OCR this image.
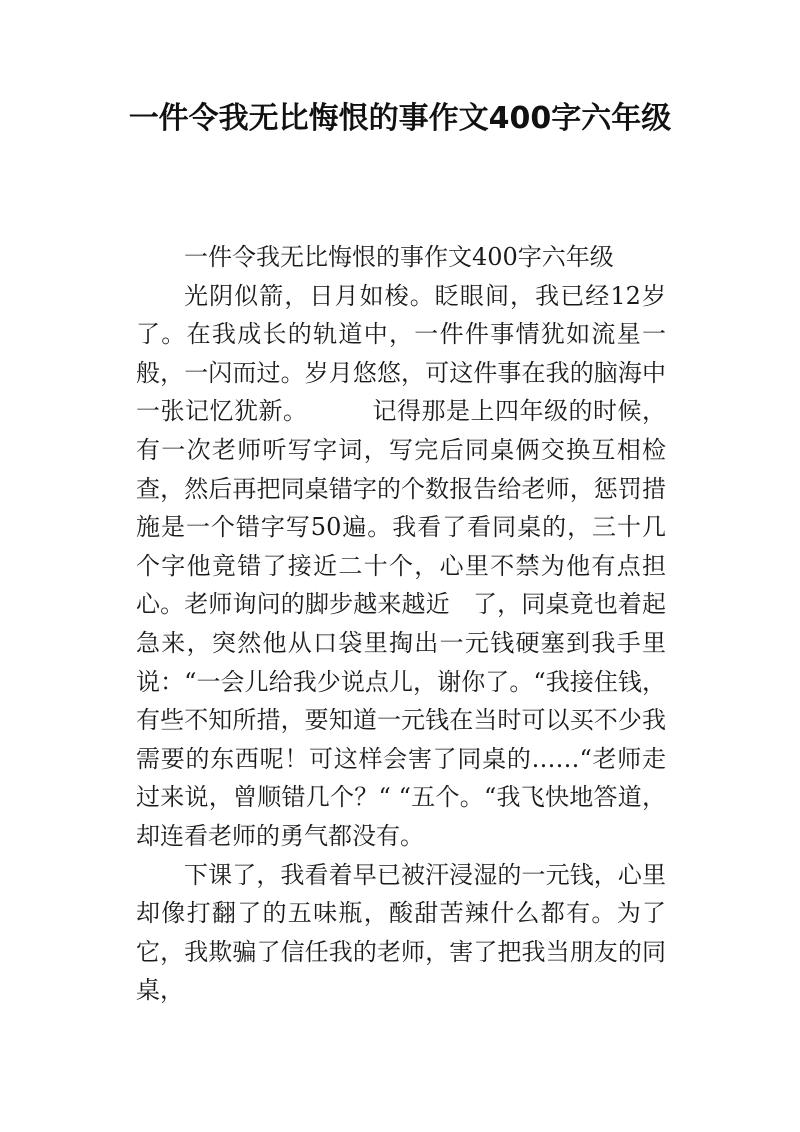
一件令我无比悔恨的事作文400字六年级

一件令我无比悔恨的事作文400字六年级

光阴似箭，日月如梭。眨眼间，我已经12岁了。在我成长的轨道中，一件件事情犹如流星一般，一闪而过。岁月悠悠，可这件事在我的脑海中一张记忆犹新。        记得那是上四年级的时候，有一次老师听写字词，写完后同桌俩交换互相检查，然后再把同桌错字的个数报告给老师，惩罚措施是一个错字写50遍。我看了看同桌的，三十几个字他竟错了接近二十个，心里不禁为他有点担心。老师询问的脚步越来越近   了，同桌竟也着起急来，突然他从口袋里掏出一元钱硬塞到我手里说：“一会儿给我少说点儿，谢你了。“我接住钱，有些不知所措，要知道一元钱在当时可以买不少我需要的东西呢！可这样会害了同桌的……“老师走过来说，曾顺错几个？“ “五个。“我飞快地答道，却连看老师的勇气都没有。

下课了，我看着早已被汗浸湿的一元钱，心里却像打翻了的五味瓶，酸甜苦辣什么都有。为了它，我欺骗了信任我的老师，害了把我当朋友的同桌，
